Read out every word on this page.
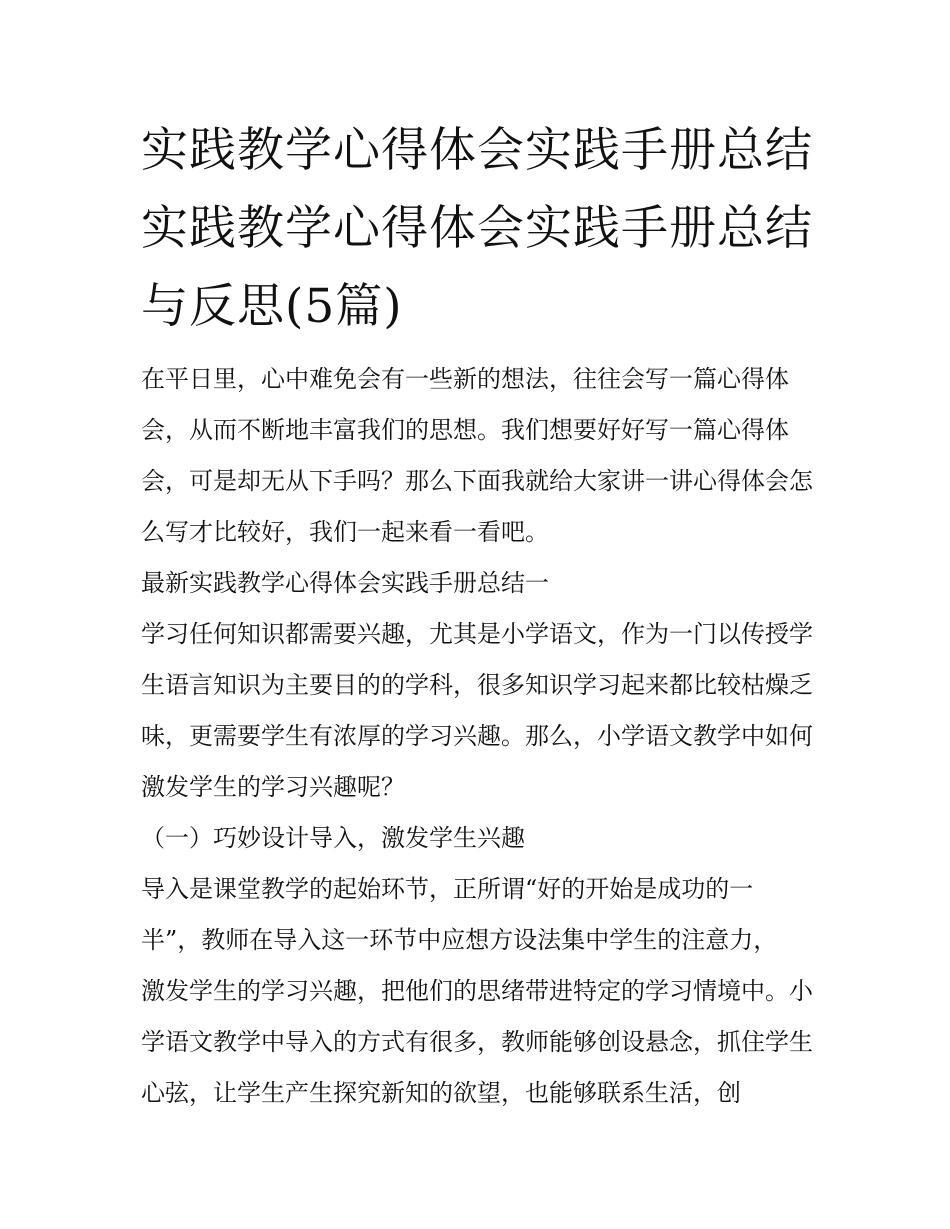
实践教学心得体会实践手册总结 实践教学心得体会实践手册总结与反思(5篇)

在平日里，心中难免会有一些新的想法，往往会写一篇心得体会，从而不断地丰富我们的思想。我们想要好好写一篇心得体会，可是却无从下手吗？那么下面我就给大家讲一讲心得体会怎么写才比较好，我们一起来看一看吧。

最新实践教学心得体会实践手册总结一

学习任何知识都需要兴趣，尤其是小学语文，作为一门以传授学生语言知识为主要目的的学科，很多知识学习起来都比较枯燥乏味，更需要学生有浓厚的学习兴趣。那么，小学语文教学中如何激发学生的学习兴趣呢？

（一）巧妙设计导入，激发学生兴趣

导入是课堂教学的起始环节，正所谓“好的开始是成功的一

半”，教师在导入这一环节中应想方设法集中学生的注意力，

激发学生的学习兴趣，把他们的思绪带进特定的学习情境中。小学语文教学中导入的方式有很多，教师能够创设悬念，抓住学生心弦，让学生产生探究新知的欲望，也能够联系生活，创
